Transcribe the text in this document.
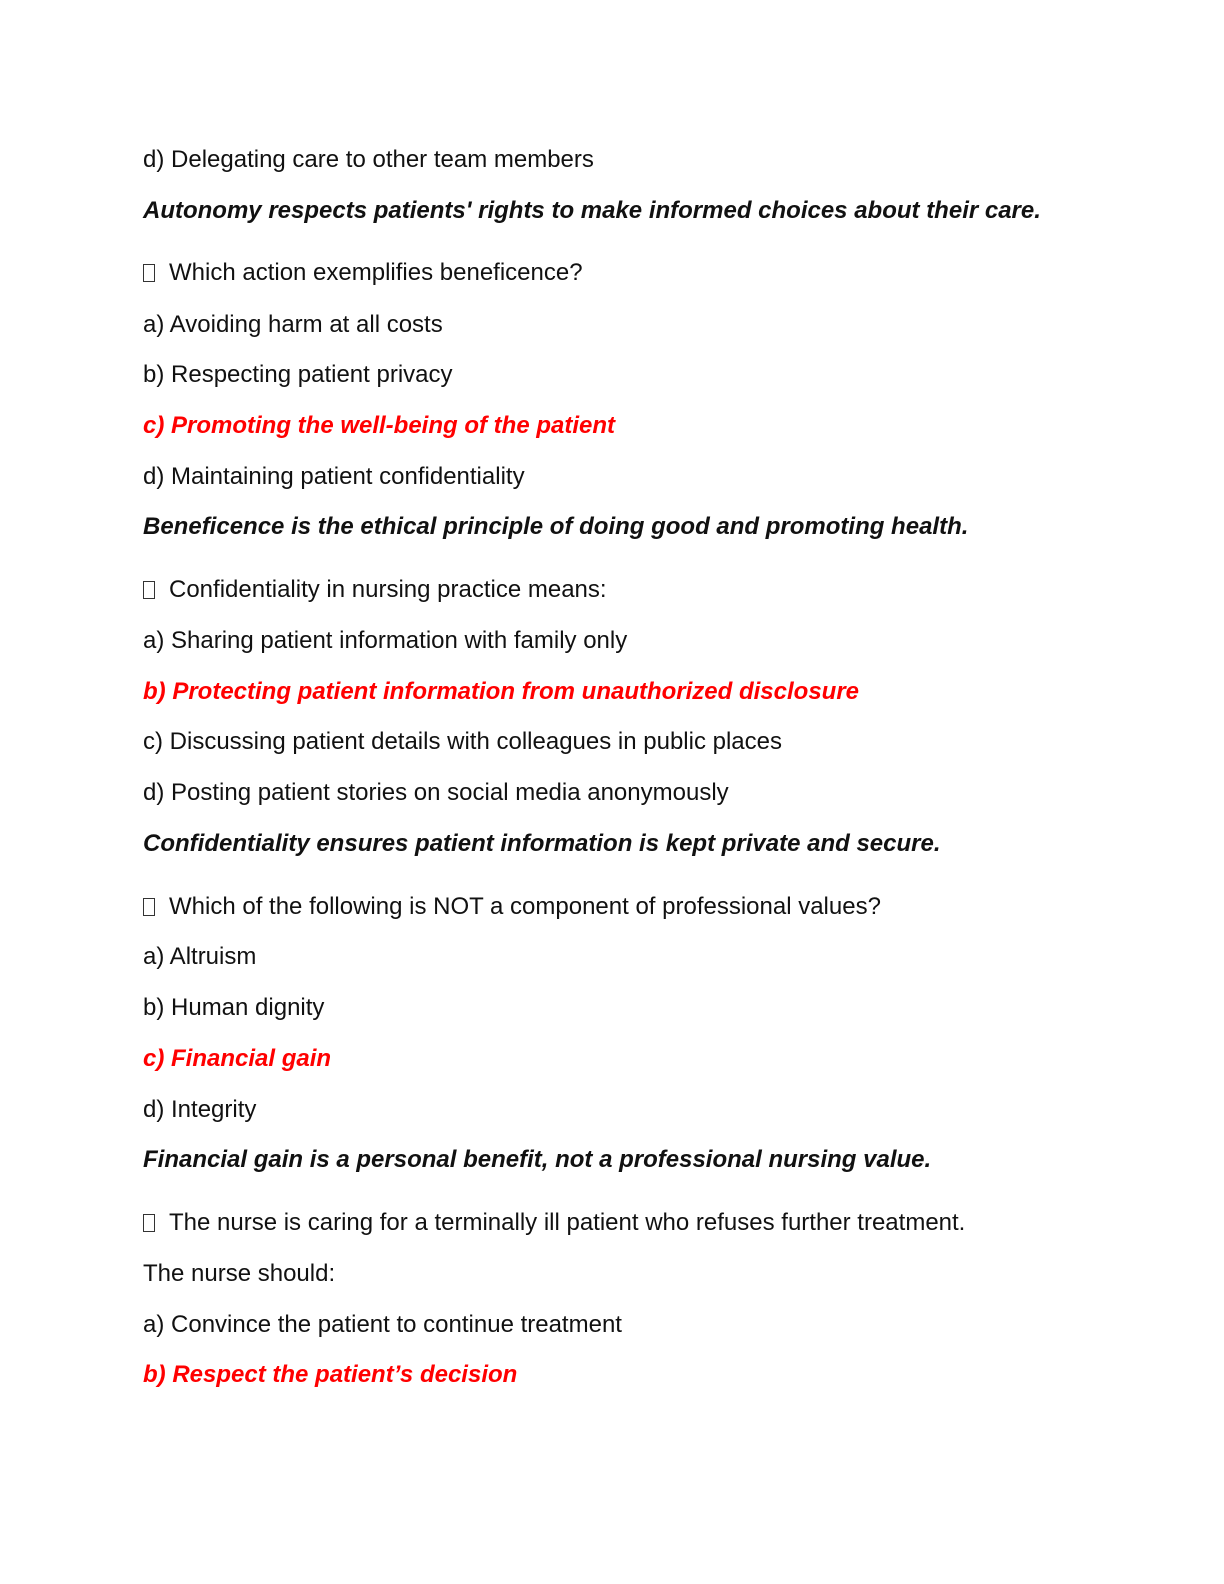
d) Delegating care to other team members
Autonomy respects patients' rights to make informed choices about their care.
Which action exemplifies beneficence?
a) Avoiding harm at all costs
b) Respecting patient privacy
c) Promoting the well-being of the patient
d) Maintaining patient confidentiality
Beneficence is the ethical principle of doing good and promoting health.
Confidentiality in nursing practice means:
a) Sharing patient information with family only
b) Protecting patient information from unauthorized disclosure
c) Discussing patient details with colleagues in public places
d) Posting patient stories on social media anonymously
Confidentiality ensures patient information is kept private and secure.
Which of the following is NOT a component of professional values?
a) Altruism
b) Human dignity
c) Financial gain
d) Integrity
Financial gain is a personal benefit, not a professional nursing value.
The nurse is caring for a terminally ill patient who refuses further treatment.
The nurse should:
a) Convince the patient to continue treatment
b) Respect the patient’s decision
